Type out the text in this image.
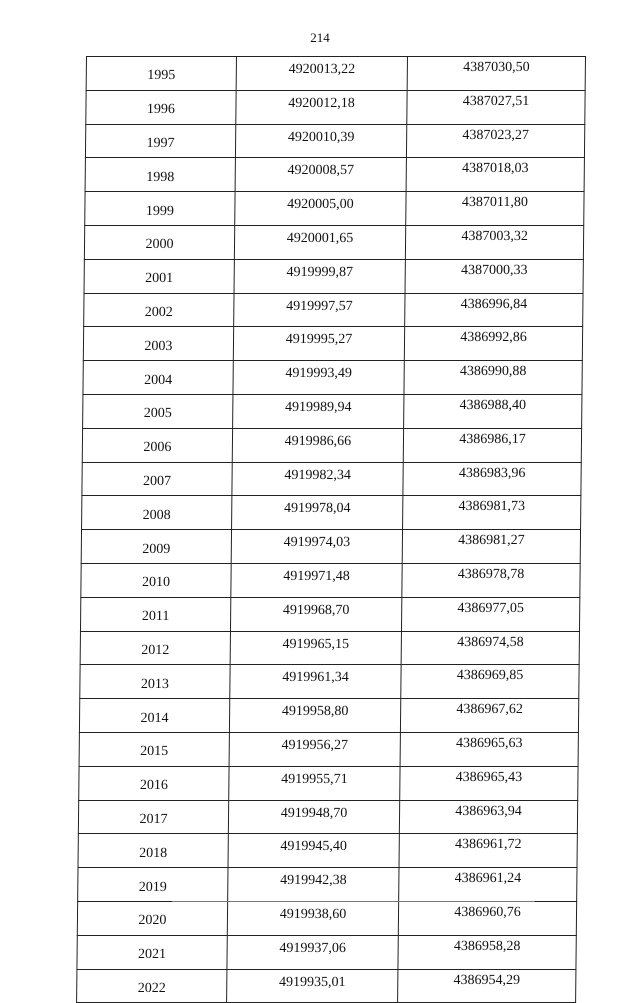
214
1995	4920013,22	4387030,50
1996	4920012,18	4387027,51
1997	4920010,39	4387023,27
1998	4920008,57	4387018,03
1999	4920005,00	4387011,80
2000	4920001,65	4387003,32
2001	4919999,87	4387000,33
2002	4919997,57	4386996,84
2003	4919995,27	4386992,86
2004	4919993,49	4386990,88
2005	4919989,94	4386988,40
2006	4919986,66	4386986,17
2007	4919982,34	4386983,96
2008	4919978,04	4386981,73
2009	4919974,03	4386981,27
2010	4919971,48	4386978,78
2011	4919968,70	4386977,05
2012	4919965,15	4386974,58
2013	4919961,34	4386969,85
2014	4919958,80	4386967,62
2015	4919956,27	4386965,63
2016	4919955,71	4386965,43
2017	4919948,70	4386963,94
2018	4919945,40	4386961,72
2019	4919942,38	4386961,24
2020	4919938,60	4386960,76
2021	4919937,06	4386958,28
2022	4919935,01	4386954,29
